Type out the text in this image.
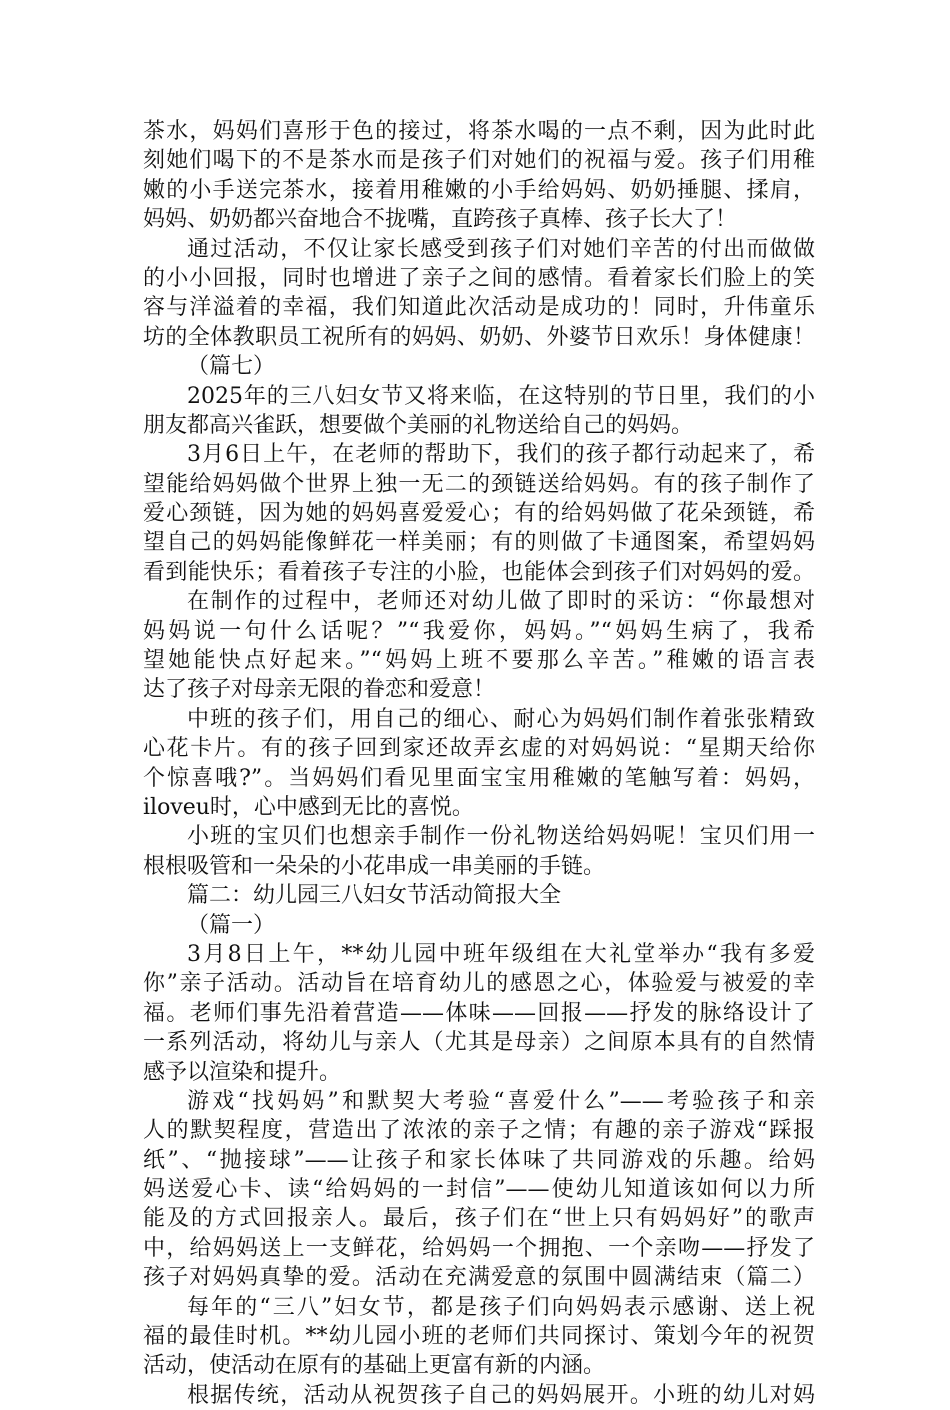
茶水，妈妈们喜形于色的接过，将茶水喝的一点不剩，因为此时此
刻她们喝下的不是茶水而是孩子们对她们的祝福与爱。孩子们用稚
嫩的小手送完茶水，接着用稚嫩的小手给妈妈、奶奶捶腿、揉肩，
妈妈、奶奶都兴奋地合不拢嘴，直跨孩子真棒、孩子长大了！
通过活动，不仅让家长感受到孩子们对她们辛苦的付出而做做
的小小回报，同时也增进了亲子之间的感情。看着家长们脸上的笑
容与洋溢着的幸福，我们知道此次活动是成功的！同时，升伟童乐
坊的全体教职员工祝所有的妈妈、奶奶、外婆节日欢乐！身体健康！
（篇七）
2025年的三八妇女节又将来临，在这特别的节日里，我们的小
朋友都高兴雀跃，想要做个美丽的礼物送给自己的妈妈。
3月6日上午，在老师的帮助下，我们的孩子都行动起来了，希
望能给妈妈做个世界上独一无二的颈链送给妈妈。有的孩子制作了
爱心颈链，因为她的妈妈喜爱爱心；有的给妈妈做了花朵颈链，希
望自己的妈妈能像鲜花一样美丽；有的则做了卡通图案，希望妈妈
看到能快乐；看着孩子专注的小脸，也能体会到孩子们对妈妈的爱。
在制作的过程中，老师还对幼儿做了即时的采访：“你最想对
妈妈说一句什么话呢？”“我爱你，妈妈。”“妈妈生病了，我希
望她能快点好起来。”“妈妈上班不要那么辛苦。”稚嫩的语言表
达了孩子对母亲无限的眷恋和爱意！
中班的孩子们，用自己的细心、耐心为妈妈们制作着张张精致
心花卡片。有的孩子回到家还故弄玄虚的对妈妈说：“星期天给你
个惊喜哦?”。当妈妈们看见里面宝宝用稚嫩的笔触写着：妈妈，
iloveu时，心中感到无比的喜悦。
小班的宝贝们也想亲手制作一份礼物送给妈妈呢！宝贝们用一
根根吸管和一朵朵的小花串成一串美丽的手链。
篇二：幼儿园三八妇女节活动简报大全
（篇一）
3月8日上午，**幼儿园中班年级组在大礼堂举办“我有多爱
你”亲子活动。活动旨在培育幼儿的感恩之心，体验爱与被爱的幸
福。老师们事先沿着营造——体味——回报——抒发的脉络设计了
一系列活动，将幼儿与亲人（尤其是母亲）之间原本具有的自然情
感予以渲染和提升。
游戏“找妈妈”和默契大考验“喜爱什么”——考验孩子和亲
人的默契程度，营造出了浓浓的亲子之情；有趣的亲子游戏“踩报
纸”、“抛接球”——让孩子和家长体味了共同游戏的乐趣。给妈
妈送爱心卡、读“给妈妈的一封信”——使幼儿知道该如何以力所
能及的方式回报亲人。最后，孩子们在“世上只有妈妈好”的歌声
中，给妈妈送上一支鲜花，给妈妈一个拥抱、一个亲吻——抒发了
孩子对妈妈真挚的爱。活动在充满爱意的氛围中圆满结束（篇二）
每年的“三八”妇女节，都是孩子们向妈妈表示感谢、送上祝
福的最佳时机。**幼儿园小班的老师们共同探讨、策划今年的祝贺
活动，使活动在原有的基础上更富有新的内涵。
根据传统，活动从祝贺孩子自己的妈妈展开。小班的幼儿对妈
